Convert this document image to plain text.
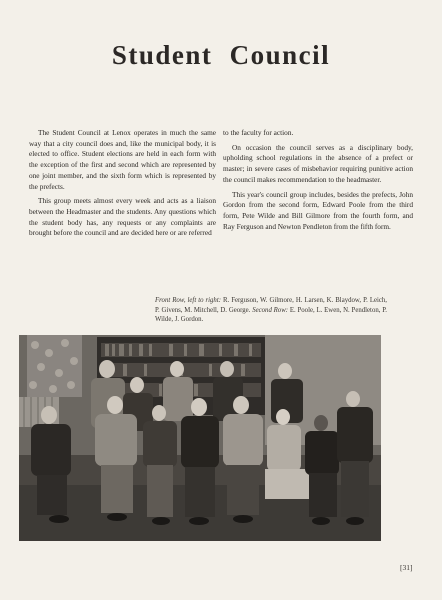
Student Council

The Student Council at Lenox operates in much the same way that a city council does and, like the municipal body, it is elected to office. Student elections are held in each form with the exception of the first and second which are represented by one joint member, and the sixth form which is represented by the prefects.

This group meets almost every week and acts as a liaison between the Headmaster and the students. Any questions which the student body has, any requests or any complaints are brought before the council and are decided here or are referred

to the faculty for action.

On occasion the council serves as a disciplinary body, upholding school regulations in the absence of a prefect or master; in severe cases of misbehavior requiring punitive action the council makes recommendation to the headmaster.

This year's council group includes, besides the prefects, John Gordon from the second form, Edward Poole from the third form, Pete Wilde and Bill Gilmore from the fourth form, and Ray Ferguson and Newton Pendleton from the fifth form.

Front Row, left to right: R. Ferguson, W. Gilmore, H. Larsen, K. Blaydow, P. Leich, P. Givens, M. Mitchell, D. George. Second Row: E. Poole, L. Ewen, N. Pendleton, P. Wilde, J. Gordon.
[31]
